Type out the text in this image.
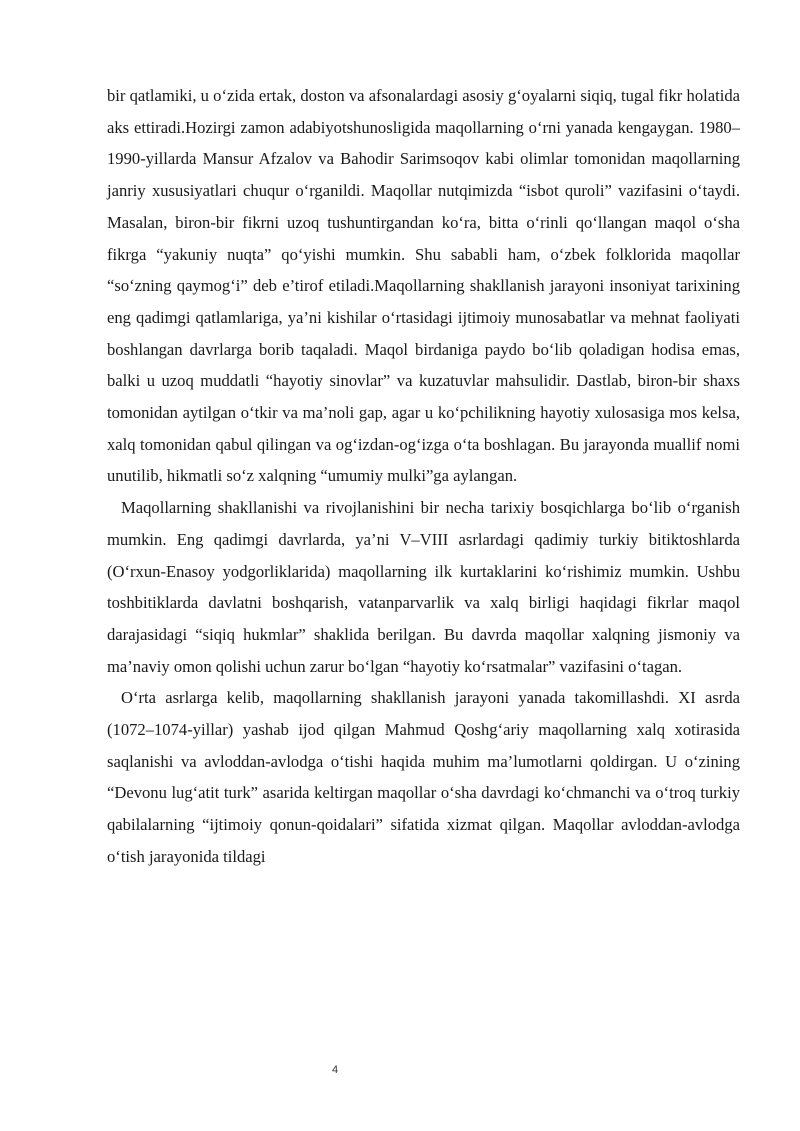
bir qatlamiki, u o‘zida ertak, doston va afsonalardagi asosiy g‘oyalarni siqiq, tugal fikr holatida aks ettiradi.Hozirgi zamon adabiyotshunosligida maqollarning o‘rni yanada kengaygan. 1980–1990-yillarda Mansur Afzalov va Bahodir Sarimsoqov kabi olimlar tomonidan maqollarning janriy xususiyatlari chuqur o‘rganildi. Maqollar nutqimizda “isbot quroli” vazifasini o‘taydi. Masalan, biron-bir fikrni uzoq tushuntirgandan ko‘ra, bitta o‘rinli qo‘llangan maqol o‘sha fikrga “yakuniy nuqta” qo‘yishi mumkin. Shu sababli ham, o‘zbek folklorida maqollar “so‘zning qaymog‘i” deb e’tirof etiladi.Maqollarning shakllanish jarayoni insoniyat tarixining eng qadimgi qatlamlariga, ya’ni kishilar o‘rtasidagi ijtimoiy munosabatlar va mehnat faoliyati boshlangan davrlarga borib taqaladi. Maqol birdaniga paydo bo‘lib qoladigan hodisa emas, balki u uzoq muddatli “hayotiy sinovlar” va kuzatuvlar mahsulidir. Dastlab, biron-bir shaxs tomonidan aytilgan o‘tkir va ma’noli gap, agar u ko‘pchilikning hayotiy xulosasiga mos kelsa, xalq tomonidan qabul qilingan va og‘izdan-og‘izga o‘ta boshlagan. Bu jarayonda muallif nomi unutilib, hikmatli so‘z xalqning “umumiy mulki”ga aylangan.

Maqollarning shakllanishi va rivojlanishini bir necha tarixiy bosqichlarga bo‘lib o‘rganish mumkin. Eng qadimgi davrlarda, ya’ni V–VIII asrlardagi qadimiy turkiy bitiktoshlarda (O‘rxun-Enasoy yodgorliklarida) maqollarning ilk kurtaklarini ko‘rishimiz mumkin. Ushbu toshbitiklarda davlatni boshqarish, vatanparvarlik va xalq birligi haqidagi fikrlar maqol darajasidagi “siqiq hukmlar” shaklida berilgan. Bu davrda maqollar xalqning jismoniy va ma’naviy omon qolishi uchun zarur bo‘lgan “hayotiy ko‘rsatmalar” vazifasini o‘tagan.

O‘rta asrlarga kelib, maqollarning shakllanish jarayoni yanada takomillashdi. XI asrda (1072–1074-yillar) yashab ijod qilgan Mahmud Qoshg‘ariy maqollarning xalq xotirasida saqlanishi va avloddan-avlodga o‘tishi haqida muhim ma’lumotlarni qoldirgan. U o‘zining “Devonu lug‘atit turk” asarida keltirgan maqollar o‘sha davrdagi ko‘chmanchi va o‘troq turkiy qabilalarning “ijtimoiy qonun-qoidalari” sifatida xizmat qilgan. Maqollar avloddan-avlodga o‘tish jarayonida tildagi

4
